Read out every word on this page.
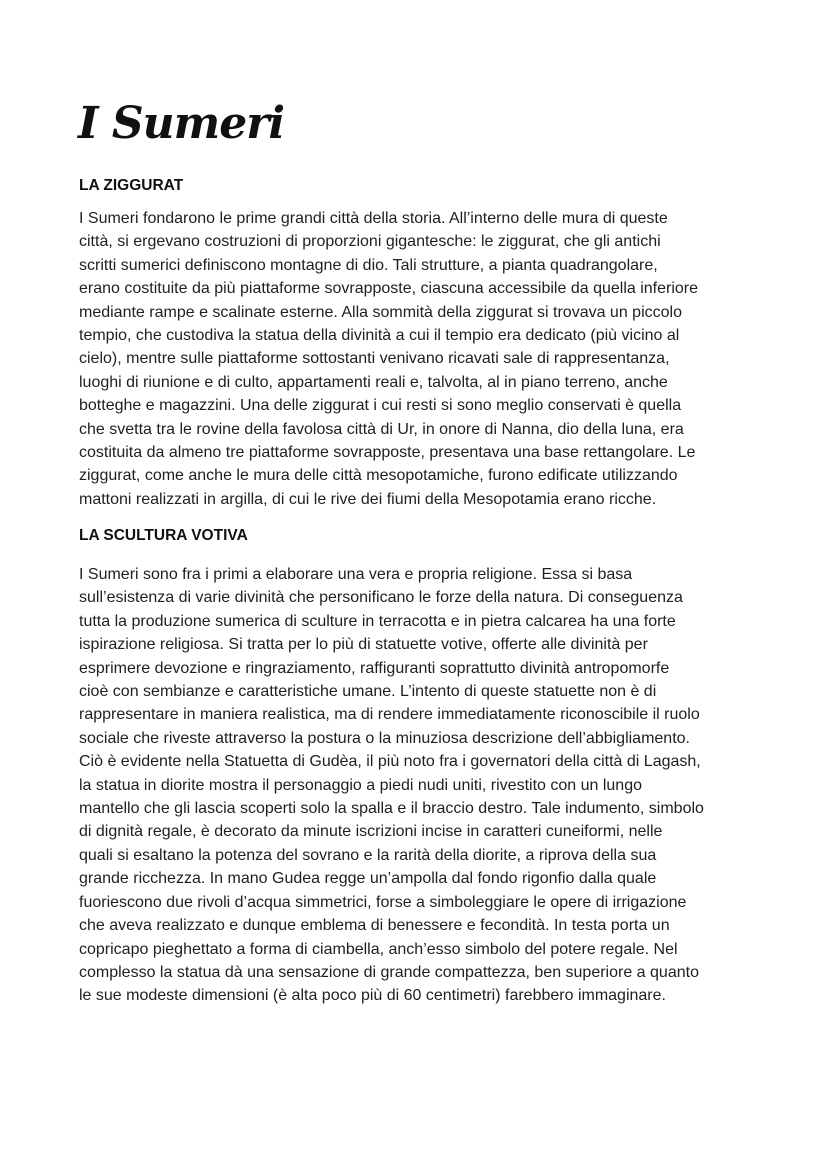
I Sumeri
LA ZIGGURAT
I Sumeri fondarono le prime grandi città della storia. All’interno delle mura di queste
città, si ergevano costruzioni di proporzioni gigantesche: le ziggurat, che gli antichi
scritti sumerici definiscono montagne di dio. Tali strutture, a pianta quadrangolare,
erano costituite da più piattaforme sovrapposte, ciascuna accessibile da quella inferiore
mediante rampe e scalinate esterne. Alla sommità della ziggurat si trovava un piccolo
tempio, che custodiva la statua della divinità a cui il tempio era dedicato (più vicino al
cielo), mentre sulle piattaforme sottostanti venivano ricavati sale di rappresentanza,
luoghi di riunione e di culto, appartamenti reali e, talvolta, al in piano terreno, anche
botteghe e magazzini. Una delle ziggurat i cui resti si sono meglio conservati è quella
che svetta tra le rovine della favolosa città di Ur, in onore di Nanna, dio della luna, era
costituita da almeno tre piattaforme sovrapposte, presentava una base rettangolare. Le
ziggurat, come anche le mura delle città mesopotamiche, furono edificate utilizzando
mattoni realizzati in argilla, di cui le rive dei fiumi della Mesopotamia erano ricche.
LA SCULTURA VOTIVA
I Sumeri sono fra i primi a elaborare una vera e propria religione. Essa si basa
sull’esistenza di varie divinità che personificano le forze della natura. Di conseguenza
tutta la produzione sumerica di sculture in terracotta e in pietra calcarea ha una forte
ispirazione religiosa. Si tratta per lo più di statuette votive, offerte alle divinità per
esprimere devozione e ringraziamento, raffiguranti soprattutto divinità antropomorfe
cioè con sembianze e caratteristiche umane. L’intento di queste statuette non è di
rappresentare in maniera realistica, ma di rendere immediatamente riconoscibile il ruolo
sociale che riveste attraverso la postura o la minuziosa descrizione dell’abbigliamento.
Ciò è evidente nella Statuetta di Gudèa, il più noto fra i governatori della città di Lagash,
la statua in diorite mostra il personaggio a piedi nudi uniti, rivestito con un lungo
mantello che gli lascia scoperti solo la spalla e il braccio destro. Tale indumento, simbolo
di dignità regale, è decorato da minute iscrizioni incise in caratteri cuneiformi, nelle
quali si esaltano la potenza del sovrano e la rarità della diorite, a riprova della sua
grande ricchezza. In mano Gudea regge un’ampolla dal fondo rigonfio dalla quale
fuoriescono due rivoli d’acqua simmetrici, forse a simboleggiare le opere di irrigazione
che aveva realizzato e dunque emblema di benessere e fecondità. In testa porta un
copricapo pieghettato a forma di ciambella, anch’esso simbolo del potere regale. Nel
complesso la statua dà una sensazione di grande compattezza, ben superiore a quanto
le sue modeste dimensioni (è alta poco più di 60 centimetri) farebbero immaginare.
